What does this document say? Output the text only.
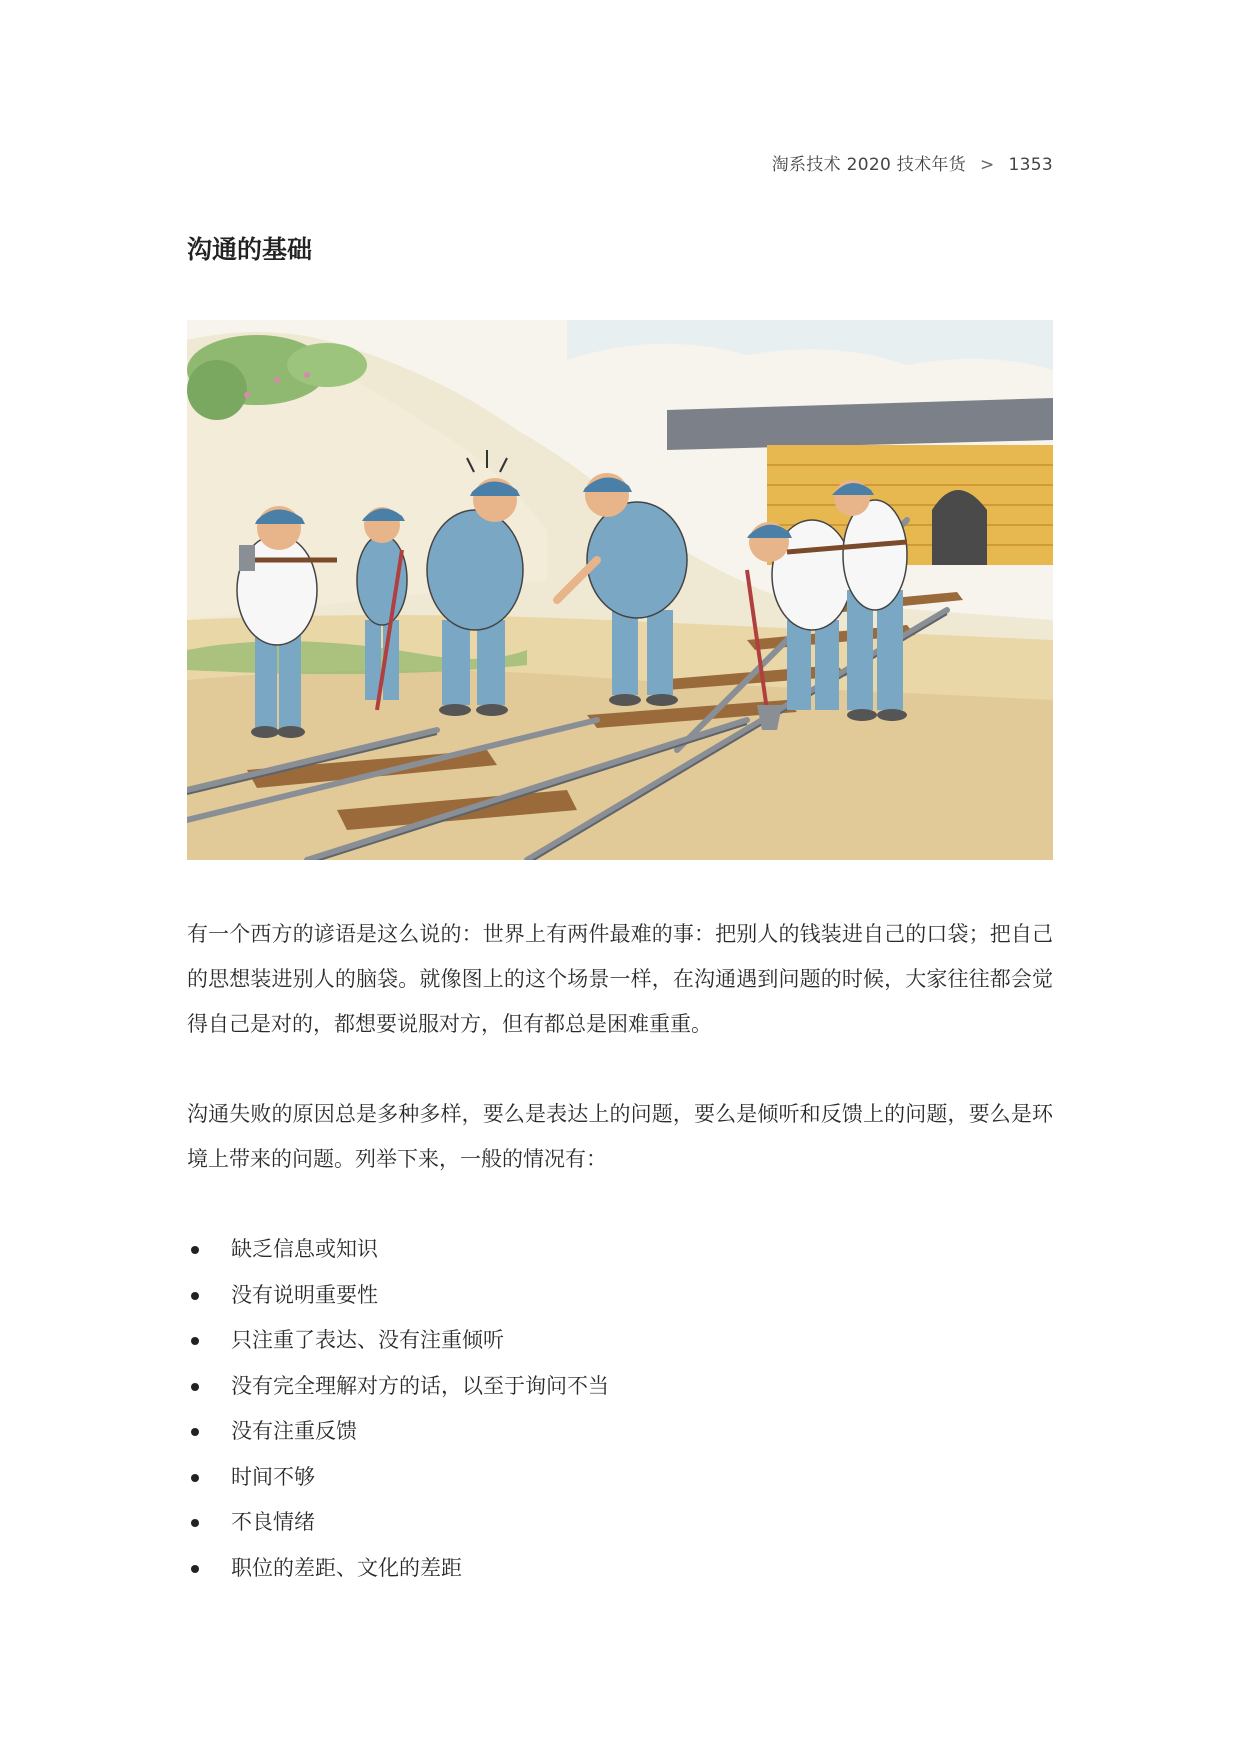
淘系技术 2020 技术年货 > 1353
沟通的基础

有一个西方的谚语是这么说的：世界上有两件最难的事：把别人的钱装进自己的口袋；把自己的思想装进别人的脑袋。就像图上的这个场景一样，在沟通遇到问题的时候，大家往往都会觉得自己是对的，都想要说服对方，但有都总是困难重重。

沟通失败的原因总是多种多样，要么是表达上的问题，要么是倾听和反馈上的问题，要么是环境上带来的问题。列举下来，一般的情况有：

缺乏信息或知识
没有说明重要性
只注重了表达、没有注重倾听
没有完全理解对方的话，以至于询问不当
没有注重反馈
时间不够
不良情绪
职位的差距、文化的差距
